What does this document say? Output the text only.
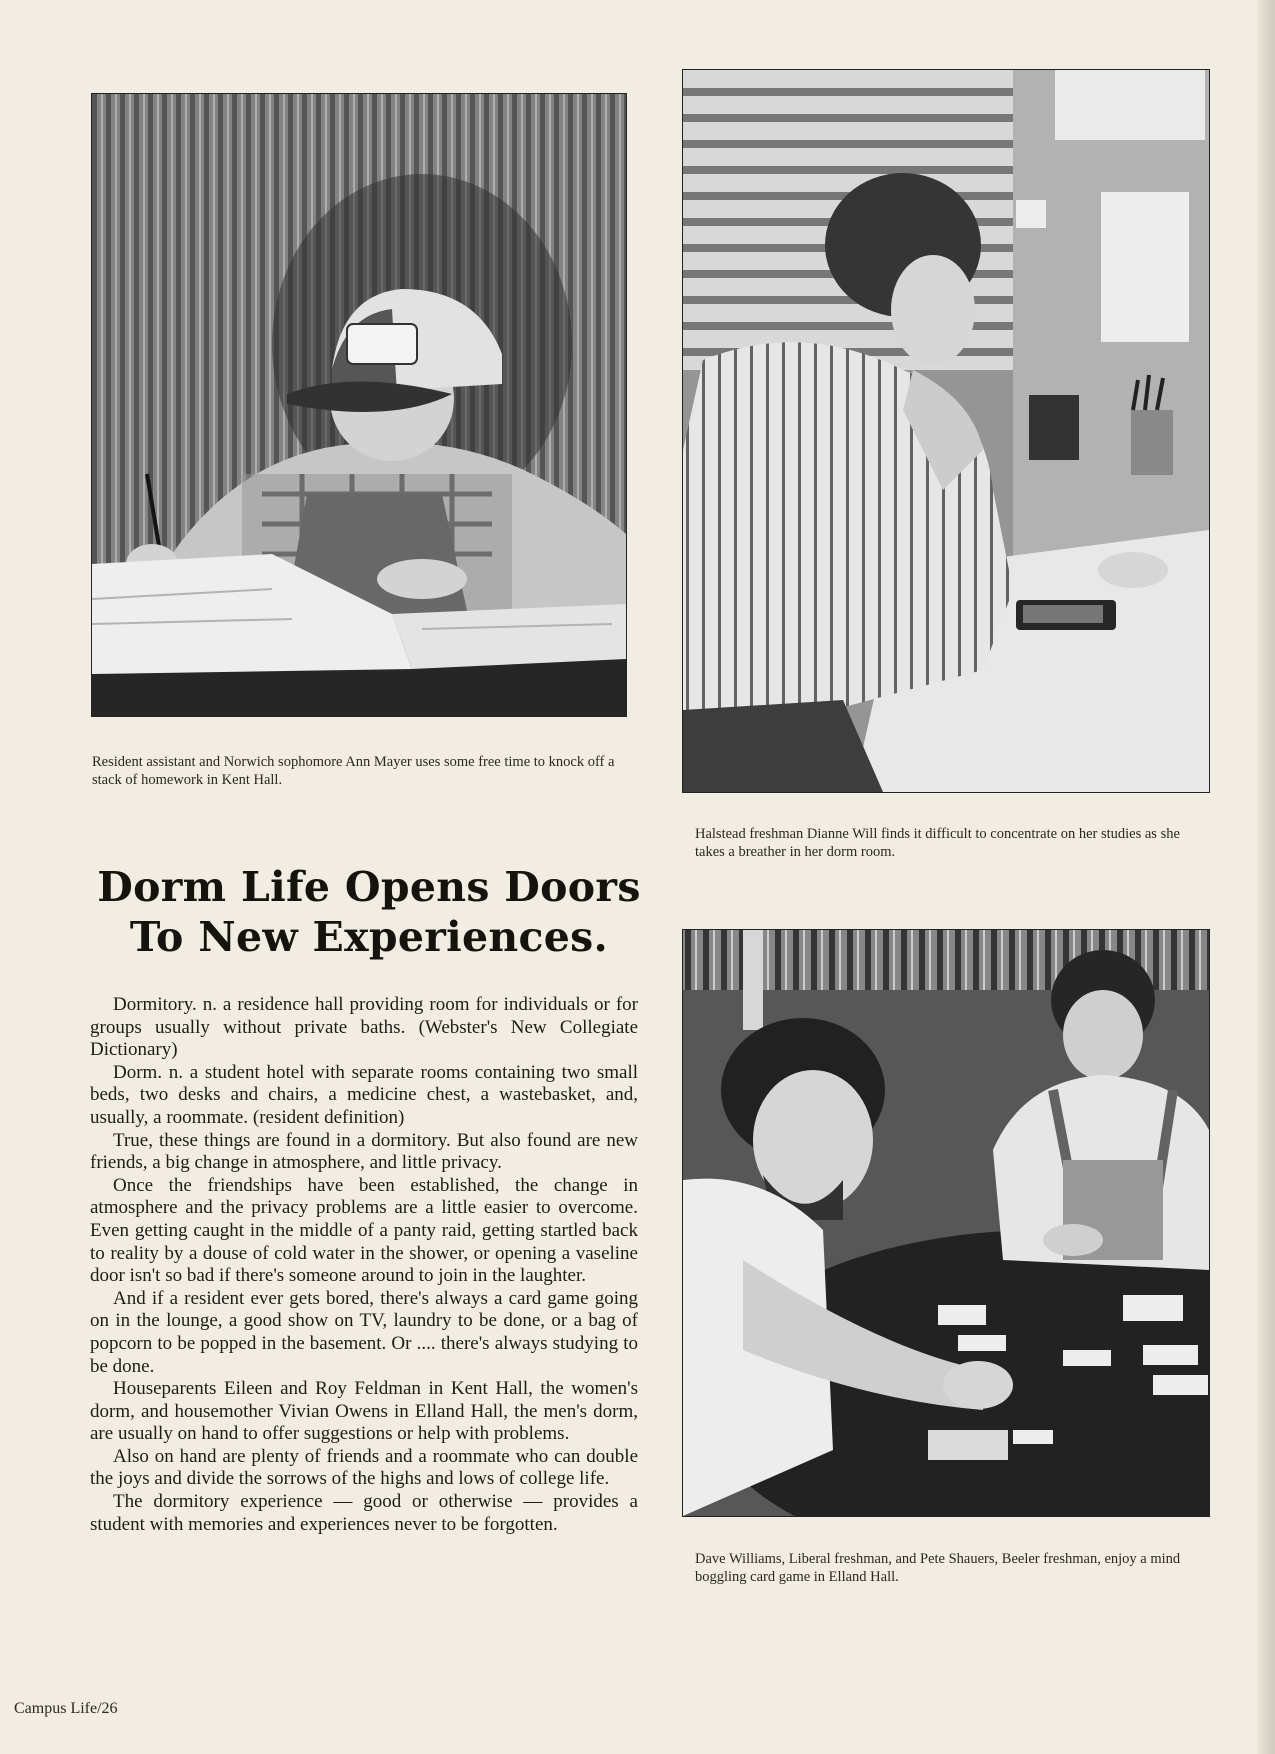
Resident assistant and Norwich sophomore Ann Mayer uses some free time to knock off a stack of homework in Kent Hall.

Halstead freshman Dianne Will finds it difficult to concentrate on her studies as she takes a breather in her dorm room.

Dorm Life Opens Doors
To New Experiences.

Dormitory. n. a residence hall providing room for individuals or for groups usually without private baths. (Webster's New Collegiate Dictionary)

Dorm. n. a student hotel with separate rooms containing two small beds, two desks and chairs, a medicine chest, a wastebasket, and, usually, a roommate. (resident definition)

True, these things are found in a dormitory. But also found are new friends, a big change in atmosphere, and little privacy.

Once the friendships have been established, the change in atmosphere and the privacy problems are a little easier to overcome. Even getting caught in the middle of a panty raid, getting startled back to reality by a douse of cold water in the shower, or opening a vaseline door isn't so bad if there's someone around to join in the laughter.

And if a resident ever gets bored, there's always a card game going on in the lounge, a good show on TV, laundry to be done, or a bag of popcorn to be popped in the basement. Or .... there's always studying to be done.

Houseparents Eileen and Roy Feldman in Kent Hall, the women's dorm, and housemother Vivian Owens in Elland Hall, the men's dorm, are usually on hand to offer suggestions or help with problems.

Also on hand are plenty of friends and a roommate who can double the joys and divide the sorrows of the highs and lows of college life.

The dormitory experience — good or otherwise — provides a student with memories and experiences never to be forgotten.

Dave Williams, Liberal freshman, and Pete Shauers, Beeler freshman, enjoy a mind boggling card game in Elland Hall.

Campus Life/26
